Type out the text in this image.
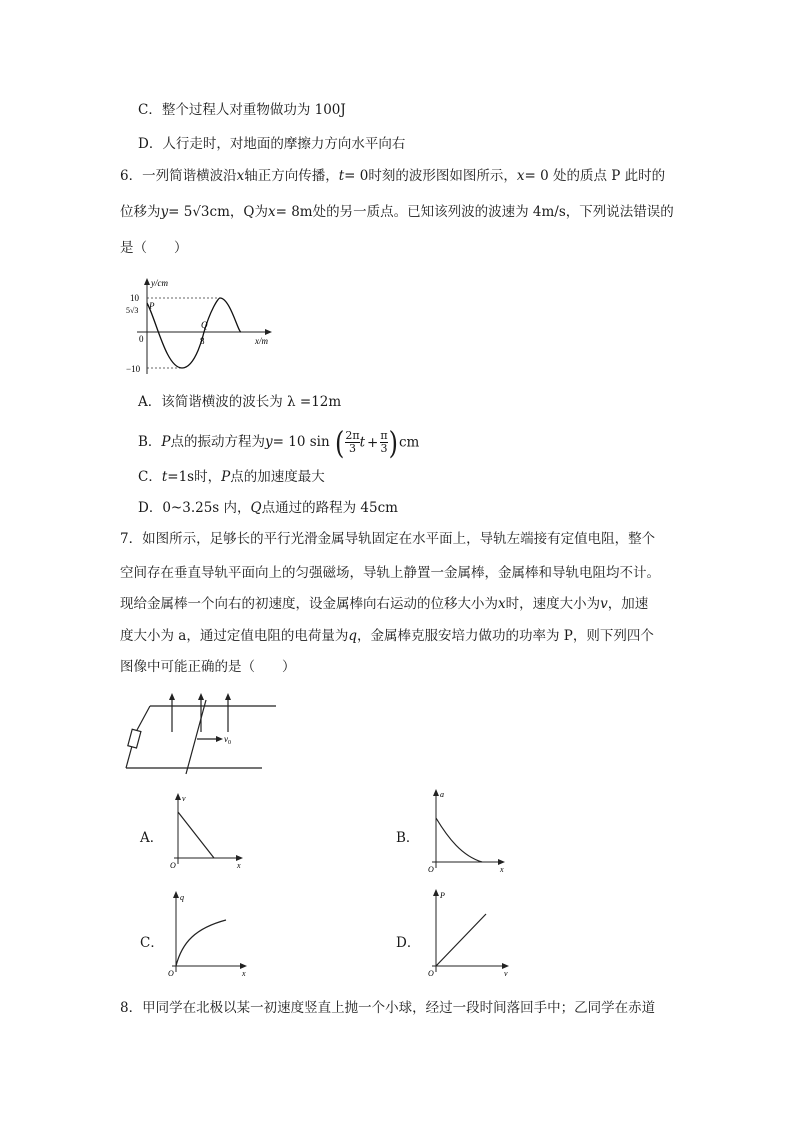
C．整个过程人对重物做功为 100J
D．人行走时，对地面的摩擦力方向水平向右
6．一列简谐横波沿x轴正方向传播，t= 0时刻的波形图如图所示，x= 0 处的质点 P 此时的
位移为y= 5√3cm，Q为x= 8m处的另一质点。已知该列波的波速为 4m/s，下列说法错误的
是（　　）
y/cm
x/m
10
5√3 P
0
Q
8
−10
A．该简谐横波的波长为 λ =12m
B．P点的振动方程为y= 10 sin ( $\frac{2\pi}{3}$ $t + \frac{\pi}{3} )cm$
C．t=1s时，P点的加速度最大
D．0~3.25s 内，Q点通过的路程为 45cm
7．如图所示，足够长的平行光滑金属导轨固定在水平面上，导轨左端接有定值电阻，整个
空间存在垂直导轨平面向上的匀强磁场，导轨上静置一金属棒，金属棒和导轨电阻均不计。
现给金属棒一个向右的初速度，设金属棒向右运动的位移大小为x时，速度大小为v，加速
度大小为 a，通过定值电阻的电荷量为q，金属棒克服安培力做功的功率为 P，则下列四个
图像中可能正确的是（　　）
$v_0$
A．
v
x
O
B．
a
x
O
C．
q
x
O
D．
P
v
O
8．甲同学在北极以某一初速度竖直上抛一个小球，经过一段时间落回手中；乙同学在赤道
